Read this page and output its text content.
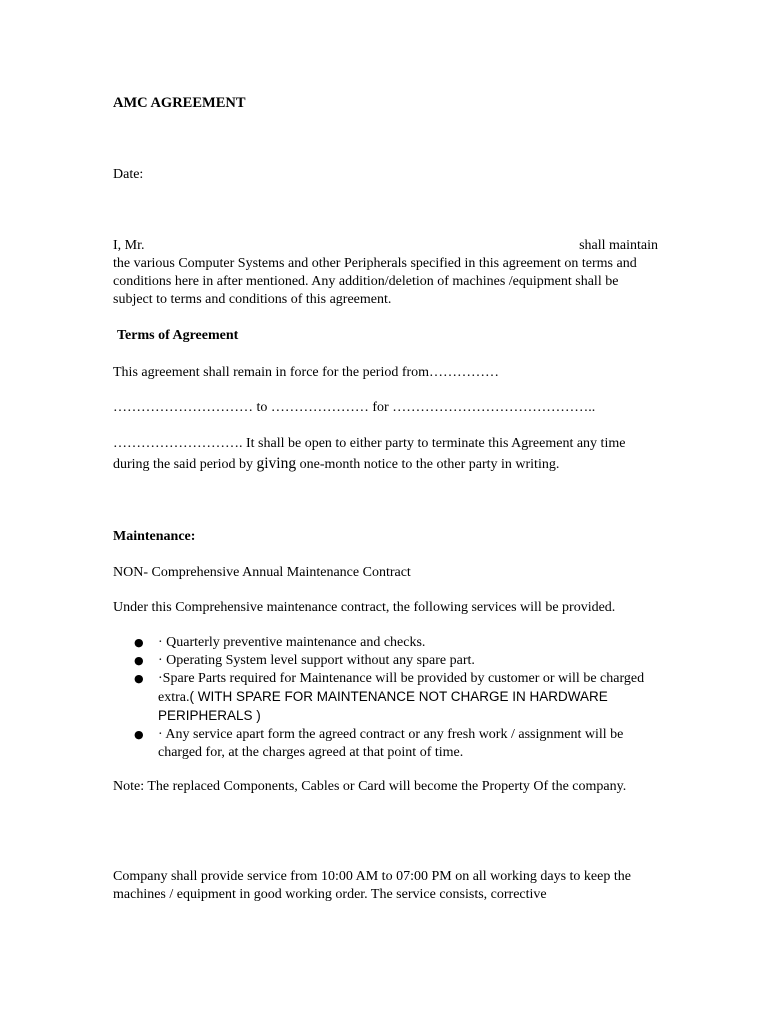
AMC AGREEMENT
Date:
I, Mr.	shall maintain
the various Computer Systems and other Peripherals specified in this agreement on terms and conditions here in after mentioned. Any addition/deletion of machines /equipment shall be subject to terms and conditions of this agreement.
Terms of Agreement
This agreement shall remain in force for the period from……………
………………………… to ………………… for ……………………………………..
………………………. It shall be open to either party to terminate this Agreement any time during the said period by giving one-month notice to the other party in writing.
Maintenance:
NON- Comprehensive Annual Maintenance Contract
Under this Comprehensive maintenance contract, the following services will be provided.
● · Quarterly preventive maintenance and checks.
● · Operating System level support without any spare part.
● ·Spare Parts required for Maintenance will be provided by customer or will be charged extra.( WITH SPARE FOR MAINTENANCE NOT CHARGE IN HARDWARE PERIPHERALS )
● · Any service apart form the agreed contract or any fresh work / assignment will be charged for, at the charges agreed at that point of time.
Note: The replaced Components, Cables or Card will become the Property Of the company.
Company shall provide service from 10:00 AM to 07:00 PM on all working days to keep the machines / equipment in good working order. The service consists, corrective
